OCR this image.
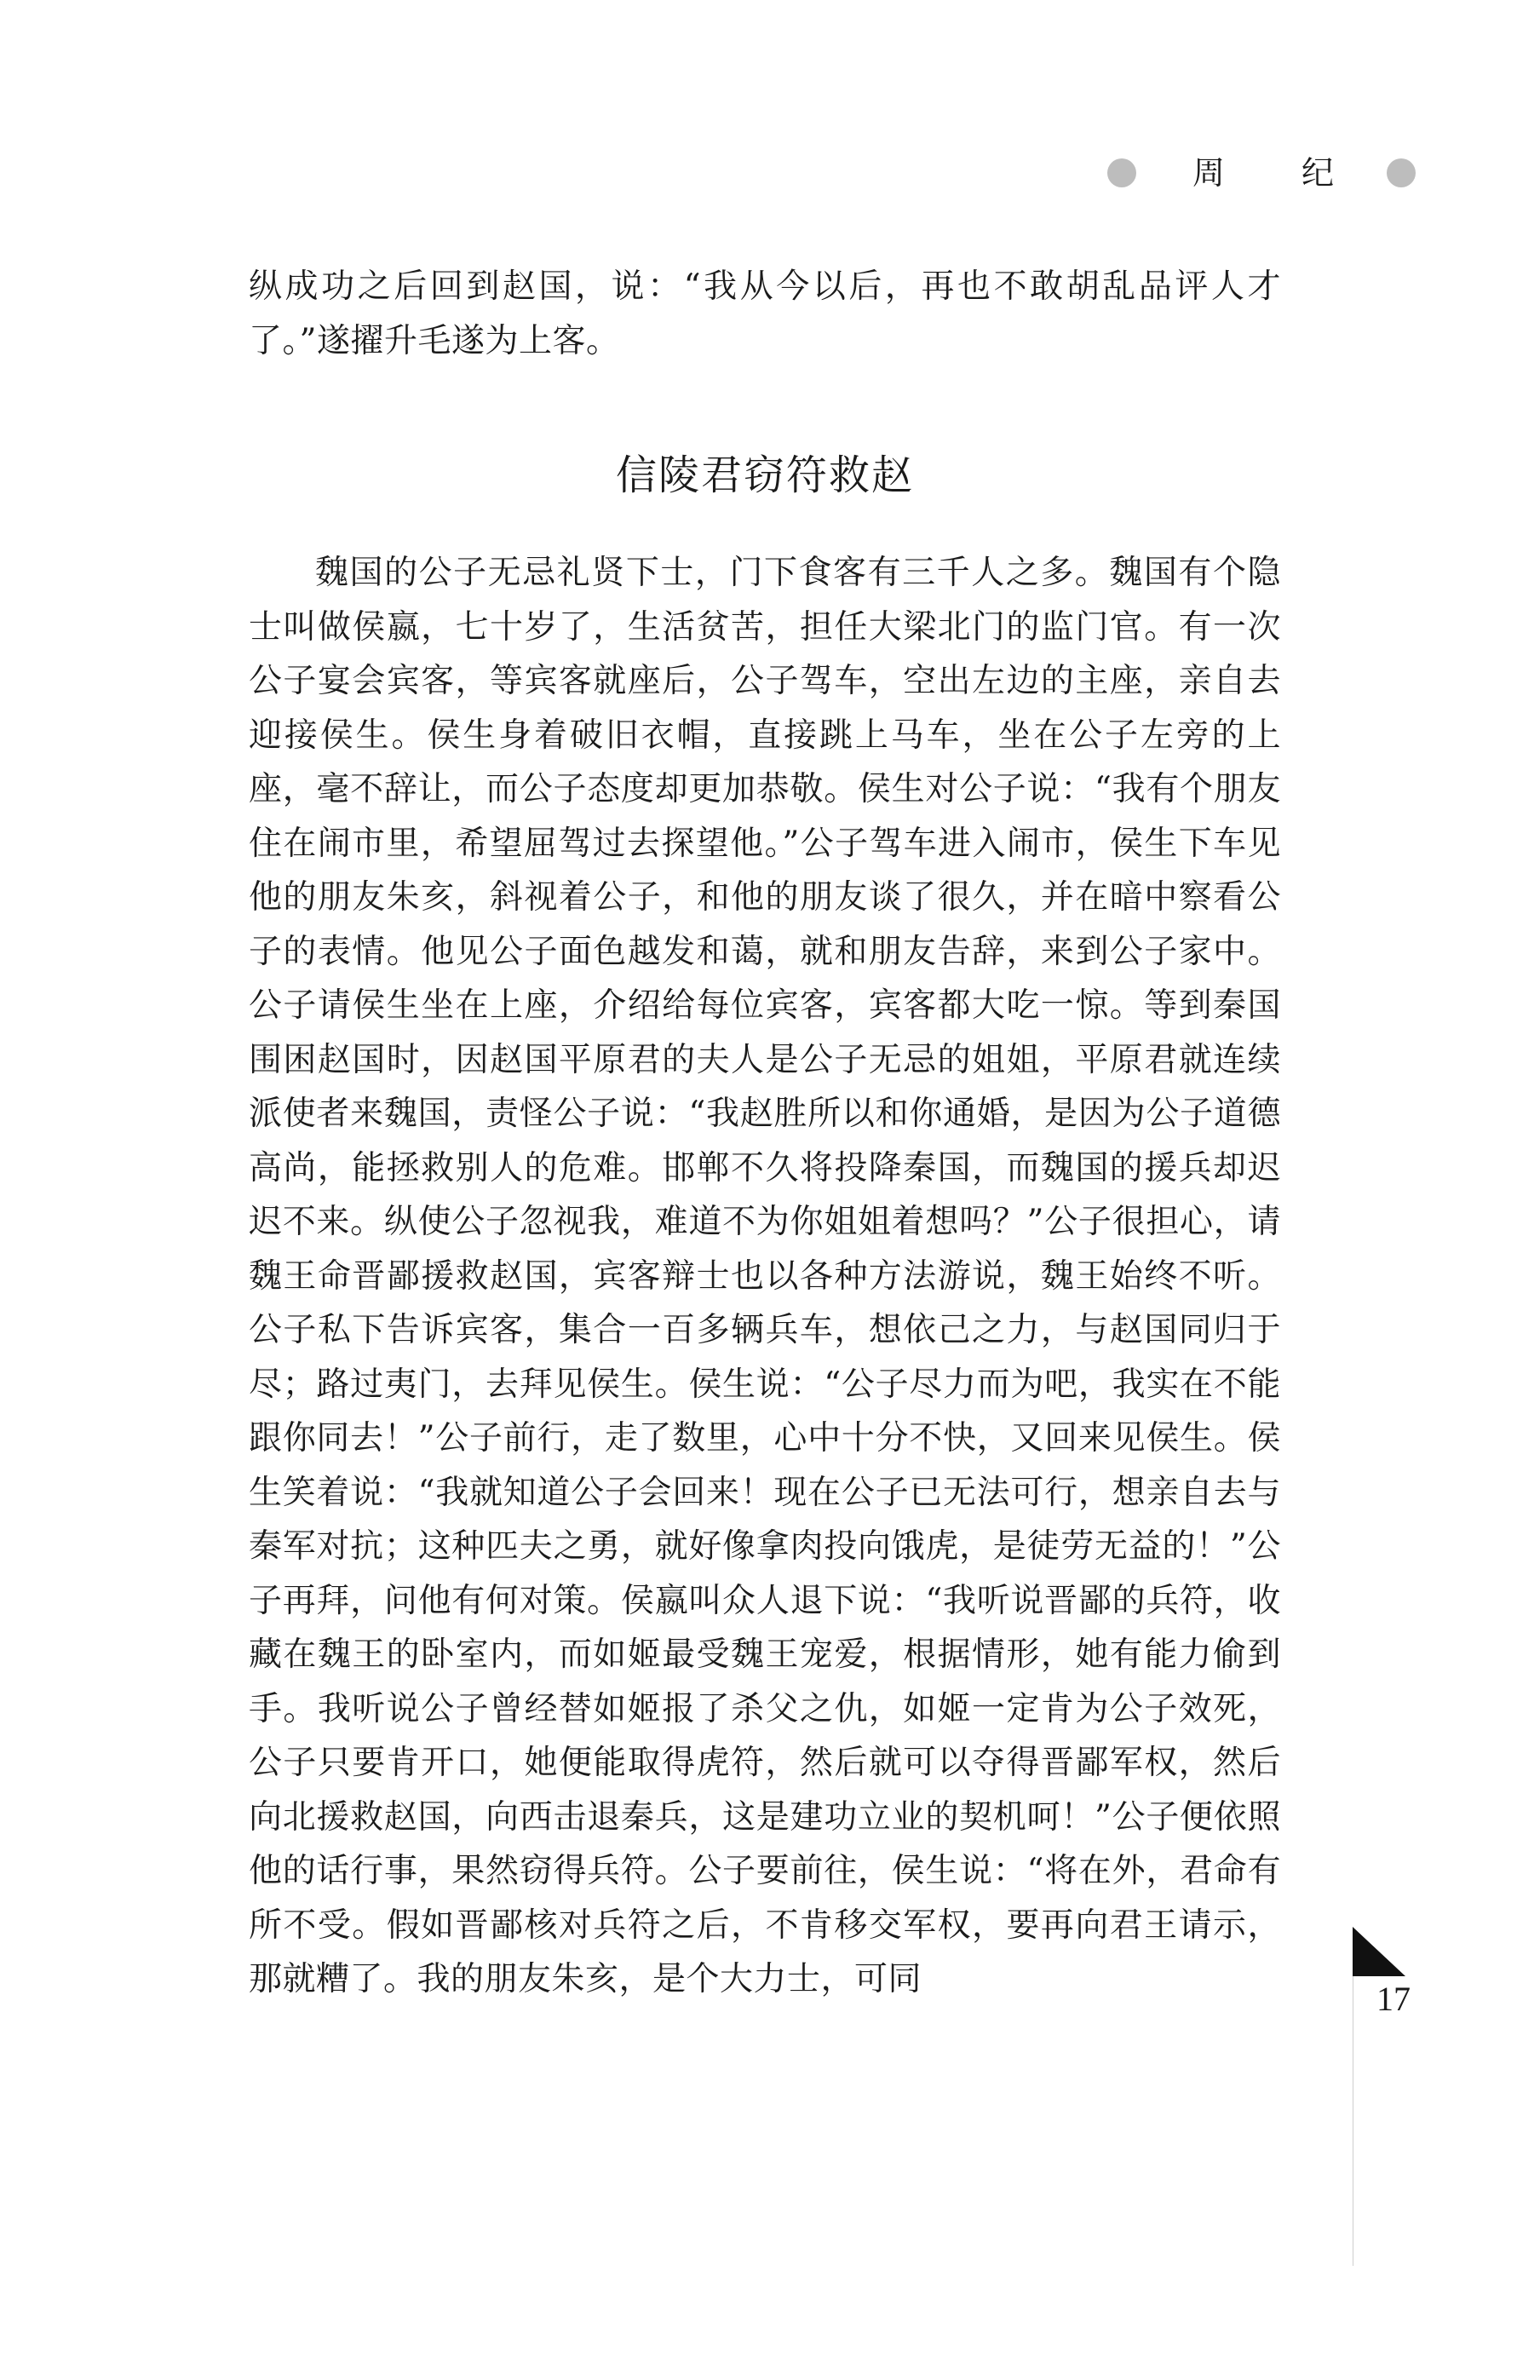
周 纪

纵成功之后回到赵国，说：“我从今以后，再也不敢胡乱品评人才了。”遂擢升毛遂为上客。

信陵君窃符救赵

魏国的公子无忌礼贤下士，门下食客有三千人之多。魏国有个隐士叫做侯嬴，七十岁了，生活贫苦，担任大梁北门的监门官。有一次公子宴会宾客，等宾客就座后，公子驾车，空出左边的主座，亲自去迎接侯生。侯生身着破旧衣帽，直接跳上马车，坐在公子左旁的上座，毫不辞让，而公子态度却更加恭敬。侯生对公子说：“我有个朋友住在闹市里，希望屈驾过去探望他。”公子驾车进入闹市，侯生下车见他的朋友朱亥，斜视着公子，和他的朋友谈了很久，并在暗中察看公子的表情。他见公子面色越发和蔼，就和朋友告辞，来到公子家中。公子请侯生坐在上座，介绍给每位宾客，宾客都大吃一惊。等到秦国围困赵国时，因赵国平原君的夫人是公子无忌的姐姐，平原君就连续派使者来魏国，责怪公子说：“我赵胜所以和你通婚，是因为公子道德高尚，能拯救别人的危难。邯郸不久将投降秦国，而魏国的援兵却迟迟不来。纵使公子忽视我，难道不为你姐姐着想吗？”公子很担心，请魏王命晋鄙援救赵国，宾客辩士也以各种方法游说，魏王始终不听。公子私下告诉宾客，集合一百多辆兵车，想依己之力，与赵国同归于尽；路过夷门，去拜见侯生。侯生说：“公子尽力而为吧，我实在不能跟你同去！”公子前行，走了数里，心中十分不快，又回来见侯生。侯生笑着说：“我就知道公子会回来！现在公子已无法可行，想亲自去与秦军对抗；这种匹夫之勇，就好像拿肉投向饿虎，是徒劳无益的！”公子再拜，问他有何对策。侯嬴叫众人退下说：“我听说晋鄙的兵符，收藏在魏王的卧室内，而如姬最受魏王宠爱，根据情形，她有能力偷到手。我听说公子曾经替如姬报了杀父之仇，如姬一定肯为公子效死，公子只要肯开口，她便能取得虎符，然后就可以夺得晋鄙军权，然后向北援救赵国，向西击退秦兵，这是建功立业的契机呵！”公子便依照他的话行事，果然窃得兵符。公子要前往，侯生说：“将在外，君命有所不受。假如晋鄙核对兵符之后，不肯移交军权，要再向君王请示，那就糟了。我的朋友朱亥，是个大力士，可同

17
